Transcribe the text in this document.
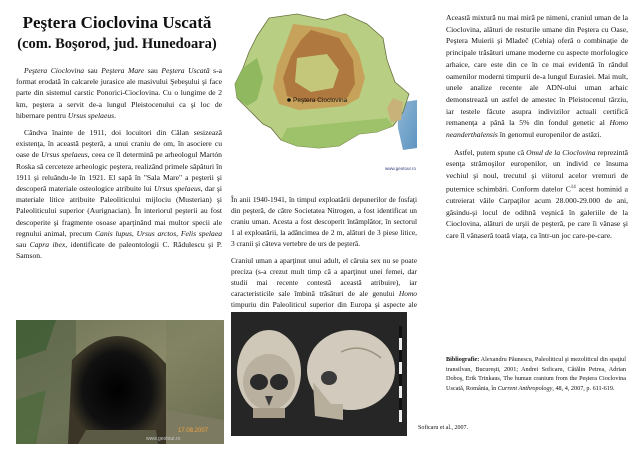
Peştera Cioclovina Uscată
(com. Boşorod, jud. Hunedoara)

Peştera Cioclovina sau Peştera Mare sau Peştera Uscată s-a format erodată în calcarele jurasice ale masivului Şebeşului şi face parte din sistemul carstic Ponorici-Cioclovina. Cu o lungime de 2 km, peştera a servit de-a lungul Pleistocenului ca şi loc de hibernare pentru Ursus spelaeus.

Cândva înainte de 1911, doi locuitori din Călan sesizează existenţa, în această peşteră, a unui craniu de om, în asociere cu oase de Ursus spelaeus, ceea ce îl determină pe arheologul Martón Roska să cerceteze arheologic peştera, realizând primele săpături în 1911 şi reluându-le în 1921. El sapă în "Sala Mare" a peşterii şi descoperă materiale osteologice atribuite lui Ursus spelaeus, dar şi materiale litice atribuite Paleoliticului mijlociu (Musterian) şi Paleoliticului superior (Aurignacian). În interiorul peşterii au fost descoperite şi fragmente osoase aparţinând mai multor specii ale regnului animal, precum Canis lupus, Ursus arctos, Felis spelaea sau Capra ibex, identificate de paleontologii C. Rădulescu şi P. Samson.

Peştera Cioclovina
www.geotour.ro

În anii 1940-1941, în timpul exploatării depunerilor de fosfaţi din peşteră, de către Societatea Nitrogen, a fost identificat un craniu uman. Acesta a fost descoperit întâmplător, în sectorul 1 al exploatării, la adâncimea de 2 m, alături de 3 piese litice, 3 cranii şi câteva vertebre de urs de peşteră.

Craniul uman a aparţinut unui adult, el căruia sex nu se poate preciza (s-a crezut mult timp că a aparţinut unei femei, dar studii mai recente contestă această atribuire), iar caracteristicile sale îmbină trăsături de ale genului Homo timpuriu din Paleoliticul superior din Europa şi aspecte ale

17.08.2007
www.geotour.ro
Soficaru et al., 2007.

Această mixtură nu mai miră pe nimeni, craniul uman de la Cioclovina, alături de resturile umane din Peştera cu Oase, Peştera Muierii şi Mladeč (Cehia) oferă o combinaţie de principale trăsături umane moderne cu aspecte morfologice arhaice, care este din ce în ce mai evidentă în rândul oamenilor moderni timpurii de-a lungul Eurasiei. Mai mult, unele analize recente ale ADN-ului uman arhaic demonstrează un astfel de amestec în Pleistocenul târziu, iar testele făcute asupra indivizilor actuali certifică remanenţa a până la 5% din fondul genetic al Homo neanderthalensis în genomul europenilor de astăzi.

Astfel, putem spune că Omul de la Cioclovina reprezintă esenţa strămoşilor europenilor, un individ ce însuma vechiul şi noul, trecutul şi viitorul acelor vremuri de puternice schimbări. Conform datelor $C^{14}$ acest hominid a cutreierat văile Carpaţilor acum 28.000-29.000 de ani, găsindu-şi locul de odihnă veşnică în galeriile de la Cioclovina, alături de urşii de peşteră, pe care îi vânase şi care îl vânaseră toată viaţa, ca într-un joc care-pe-care.

Bibliografie: Alexandru Păunescu, Paleoliticul şi mezoliticul din spaţiul transilvan, Bucureşti, 2001; Andrei Soficaru, Cătălin Petrea, Adrian Doboş, Erik Trinkaus, The human cranium from the Peştera Cioclovina Uscată, România, în Current Anthropology, 48, 4, 2007, p. 611-619.
